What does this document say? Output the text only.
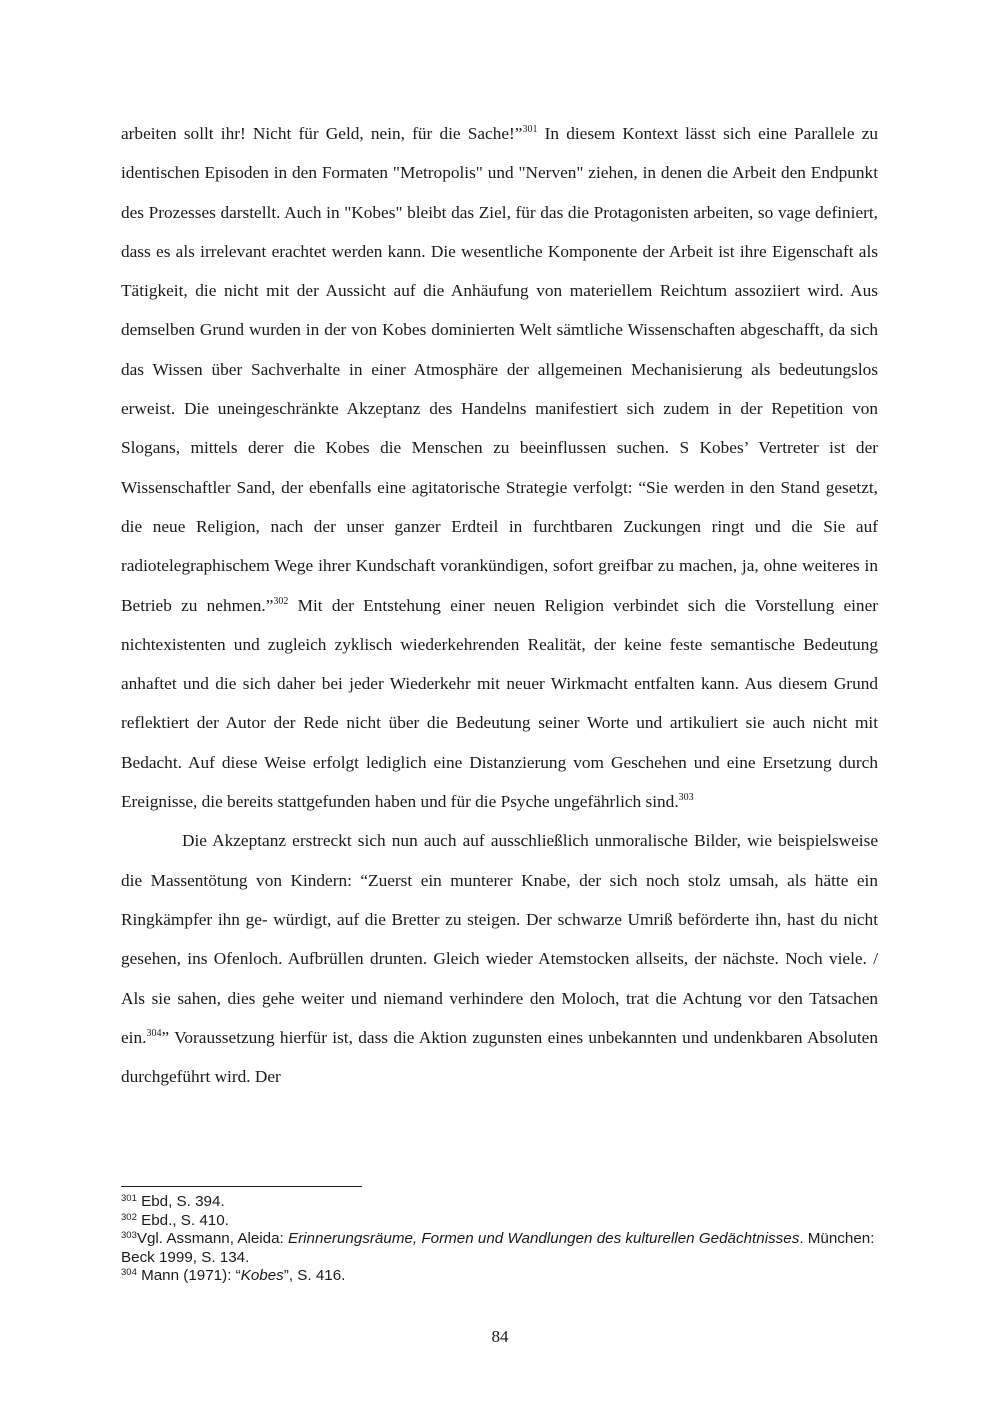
arbeiten sollt ihr! Nicht für Geld, nein, für die Sache!”$^{301}$ In diesem Kontext lässt sich eine Parallele zu identischen Episoden in den Formaten "Metropolis" und "Nerven" ziehen, in denen die Arbeit den Endpunkt des Prozesses darstellt. Auch in "Kobes" bleibt das Ziel, für das die Protagonisten arbeiten, so vage definiert, dass es als irrelevant erachtet werden kann. Die wesentliche Komponente der Arbeit ist ihre Eigenschaft als Tätigkeit, die nicht mit der Aussicht auf die Anhäufung von materiellem Reichtum assoziiert wird. Aus demselben Grund wurden in der von Kobes dominierten Welt sämtliche Wissenschaften abgeschafft, da sich das Wissen über Sachverhalte in einer Atmosphäre der allgemeinen Mechanisierung als bedeutungslos erweist. Die uneingeschränkte Akzeptanz des Handelns manifestiert sich zudem in der Repetition von Slogans, mittels derer die Kobes die Menschen zu beeinflussen suchen. S Kobes’ Vertreter ist der Wissenschaftler Sand, der ebenfalls eine agitatorische Strategie verfolgt: “Sie werden in den Stand gesetzt, die neue Religion, nach der unser ganzer Erdteil in furchtbaren Zuckungen ringt und die Sie auf radiotelegraphischem Wege ihrer Kundschaft vorankündigen, sofort greifbar zu machen, ja, ohne weiteres in Betrieb zu nehmen.”$^{302}$ Mit der Entstehung einer neuen Religion verbindet sich die Vorstellung einer nichtexistenten und zugleich zyklisch wiederkehrenden Realität, der keine feste semantische Bedeutung anhaftet und die sich daher bei jeder Wiederkehr mit neuer Wirkmacht entfalten kann. Aus diesem Grund reflektiert der Autor der Rede nicht über die Bedeutung seiner Worte und artikuliert sie auch nicht mit Bedacht. Auf diese Weise erfolgt lediglich eine Distanzierung vom Geschehen und eine Ersetzung durch Ereignisse, die bereits stattgefunden haben und für die Psyche ungefährlich sind.$^{303}$

Die Akzeptanz erstreckt sich nun auch auf ausschließlich unmoralische Bilder, wie beispielsweise die Massentötung von Kindern: “Zuerst ein munterer Knabe, der sich noch stolz umsah, als hätte ein Ringkämpfer ihn ge- würdigt, auf die Bretter zu steigen. Der schwarze Umriß beförderte ihn, hast du nicht gesehen, ins Ofenloch. Aufbrüllen drunten. Gleich wieder Atemstocken allseits, der nächste. Noch viele. / Als sie sahen, dies gehe weiter und niemand verhindere den Moloch, trat die Achtung vor den Tatsachen ein.$^{304}$” Voraussetzung hierfür ist, dass die Aktion zugunsten eines unbekannten und undenkbaren Absoluten durchgeführt wird. Der

$^{301}$ Ebd, S. 394.
$^{302}$ Ebd., S. 410.
$^{303}$Vgl. Assmann, Aleida: Erinnerungsräume, Formen und Wandlungen des kulturellen Gedächtnisses. München: Beck 1999, S. 134.
$^{304}$ Mann (1971): “Kobes”, S. 416.
84
